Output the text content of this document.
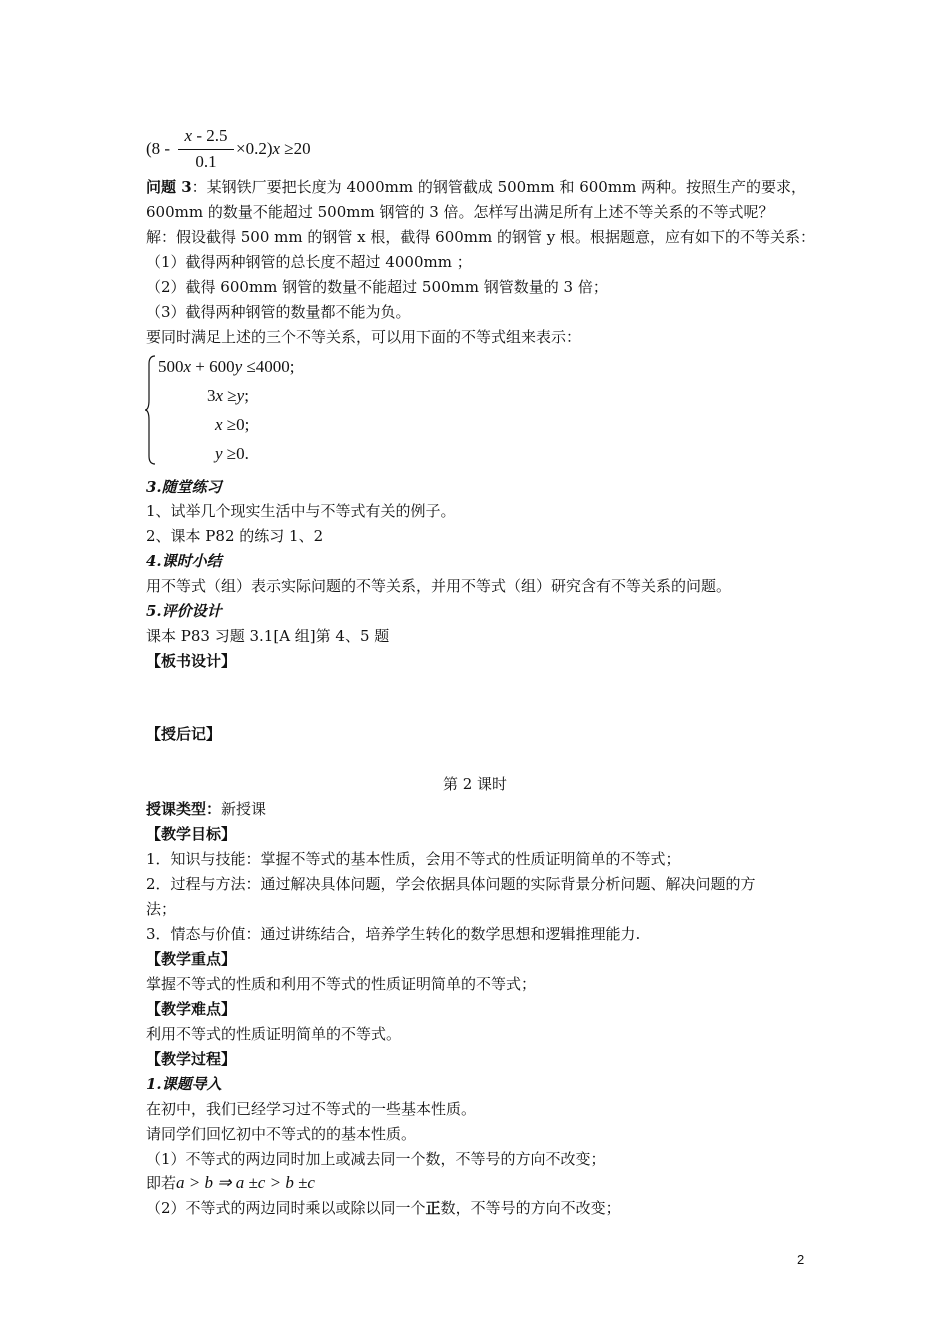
(8 -
x - 2.5
0.1
×0.2)x ≥20
问题 3：某钢铁厂要把长度为 4000mm 的钢管截成 500mm 和 600mm 两种。按照生产的要求，
600mm 的数量不能超过 500mm 钢管的 3 倍。怎样写出满足所有上述不等关系的不等式呢？
解：假设截得 500 mm 的钢管 x 根，截得 600mm 的钢管 y 根。根据题意，应有如下的不等关系：
（1）截得两种钢管的总长度不超过 4000mm ；
（2）截得 600mm 钢管的数量不能超过 500mm 钢管数量的 3 倍；
（3）截得两种钢管的数量都不能为负。
要同时满足上述的三个不等关系，可以用下面的不等式组来表示：
500x + 600y ≤4000;
3x ≥y;
x ≥0;
y ≥0.
3.随堂练习
1、试举几个现实生活中与不等式有关的例子。
2、课本 P82 的练习 1、2
4.课时小结
用不等式（组）表示实际问题的不等关系，并用不等式（组）研究含有不等关系的问题。
5.评价设计
课本 P83 习题 3.1[A 组]第 4、5 题
【板书设计】
【授后记】
第 2 课时
授课类型：新授课
【教学目标】
1．知识与技能：掌握不等式的基本性质，会用不等式的性质证明简单的不等式；
2．过程与方法：通过解决具体问题，学会依据具体问题的实际背景分析问题、解决问题的方
法；
3．情态与价值：通过讲练结合，培养学生转化的数学思想和逻辑推理能力.
【教学重点】
掌握不等式的性质和利用不等式的性质证明简单的不等式；
【教学难点】
利用不等式的性质证明简单的不等式。
【教学过程】
1.课题导入
在初中，我们已经学习过不等式的一些基本性质。
请同学们回忆初中不等式的的基本性质。
（1）不等式的两边同时加上或减去同一个数，不等号的方向不改变；
即若a > b ⇒ a ±c > b ±c
（2）不等式的两边同时乘以或除以同一个正数，不等号的方向不改变；
2
